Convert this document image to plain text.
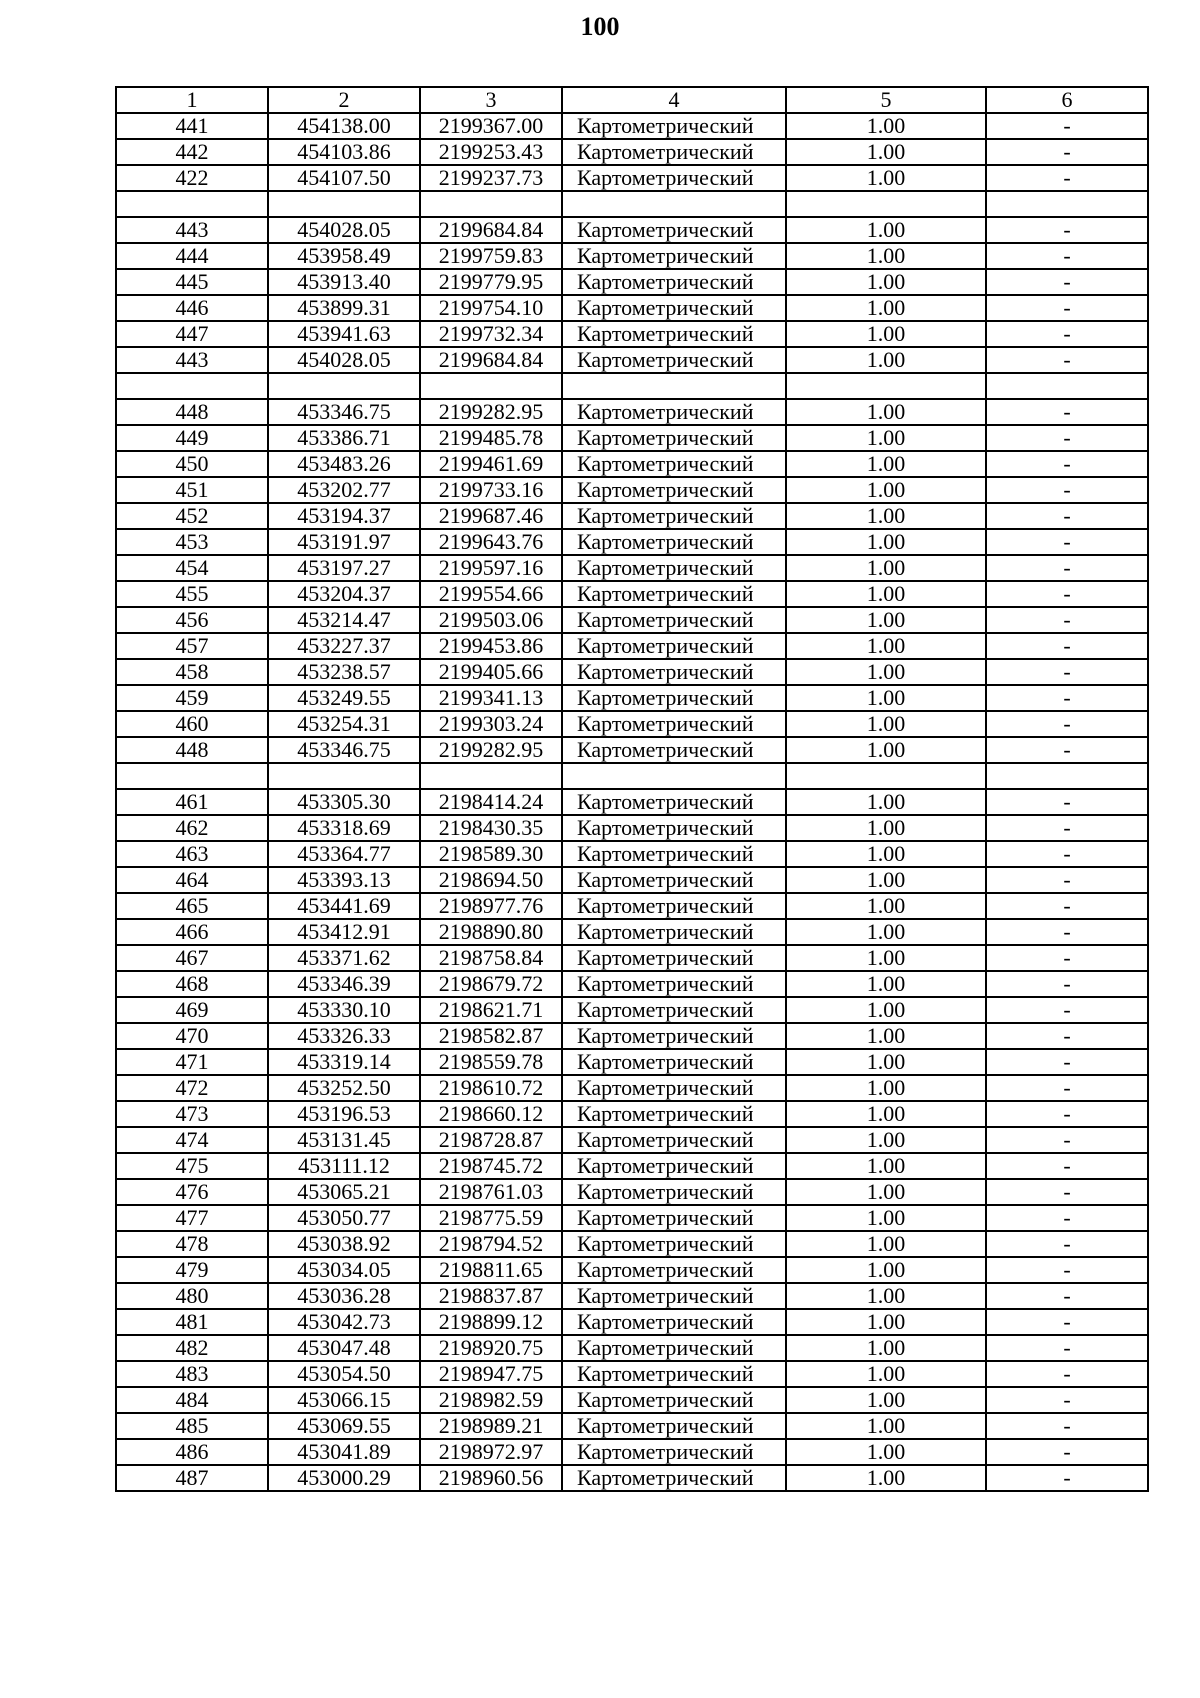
100
1	2	3	4	5	6
441	454138.00	2199367.00	Картометрический	1.00	-
442	454103.86	2199253.43	Картометрический	1.00	-
422	454107.50	2199237.73	Картометрический	1.00	-

443	454028.05	2199684.84	Картометрический	1.00	-
444	453958.49	2199759.83	Картометрический	1.00	-
445	453913.40	2199779.95	Картометрический	1.00	-
446	453899.31	2199754.10	Картометрический	1.00	-
447	453941.63	2199732.34	Картометрический	1.00	-
443	454028.05	2199684.84	Картометрический	1.00	-

448	453346.75	2199282.95	Картометрический	1.00	-
449	453386.71	2199485.78	Картометрический	1.00	-
450	453483.26	2199461.69	Картометрический	1.00	-
451	453202.77	2199733.16	Картометрический	1.00	-
452	453194.37	2199687.46	Картометрический	1.00	-
453	453191.97	2199643.76	Картометрический	1.00	-
454	453197.27	2199597.16	Картометрический	1.00	-
455	453204.37	2199554.66	Картометрический	1.00	-
456	453214.47	2199503.06	Картометрический	1.00	-
457	453227.37	2199453.86	Картометрический	1.00	-
458	453238.57	2199405.66	Картометрический	1.00	-
459	453249.55	2199341.13	Картометрический	1.00	-
460	453254.31	2199303.24	Картометрический	1.00	-
448	453346.75	2199282.95	Картометрический	1.00	-

461	453305.30	2198414.24	Картометрический	1.00	-
462	453318.69	2198430.35	Картометрический	1.00	-
463	453364.77	2198589.30	Картометрический	1.00	-
464	453393.13	2198694.50	Картометрический	1.00	-
465	453441.69	2198977.76	Картометрический	1.00	-
466	453412.91	2198890.80	Картометрический	1.00	-
467	453371.62	2198758.84	Картометрический	1.00	-
468	453346.39	2198679.72	Картометрический	1.00	-
469	453330.10	2198621.71	Картометрический	1.00	-
470	453326.33	2198582.87	Картометрический	1.00	-
471	453319.14	2198559.78	Картометрический	1.00	-
472	453252.50	2198610.72	Картометрический	1.00	-
473	453196.53	2198660.12	Картометрический	1.00	-
474	453131.45	2198728.87	Картометрический	1.00	-
475	453111.12	2198745.72	Картометрический	1.00	-
476	453065.21	2198761.03	Картометрический	1.00	-
477	453050.77	2198775.59	Картометрический	1.00	-
478	453038.92	2198794.52	Картометрический	1.00	-
479	453034.05	2198811.65	Картометрический	1.00	-
480	453036.28	2198837.87	Картометрический	1.00	-
481	453042.73	2198899.12	Картометрический	1.00	-
482	453047.48	2198920.75	Картометрический	1.00	-
483	453054.50	2198947.75	Картометрический	1.00	-
484	453066.15	2198982.59	Картометрический	1.00	-
485	453069.55	2198989.21	Картометрический	1.00	-
486	453041.89	2198972.97	Картометрический	1.00	-
487	453000.29	2198960.56	Картометрический	1.00	-
